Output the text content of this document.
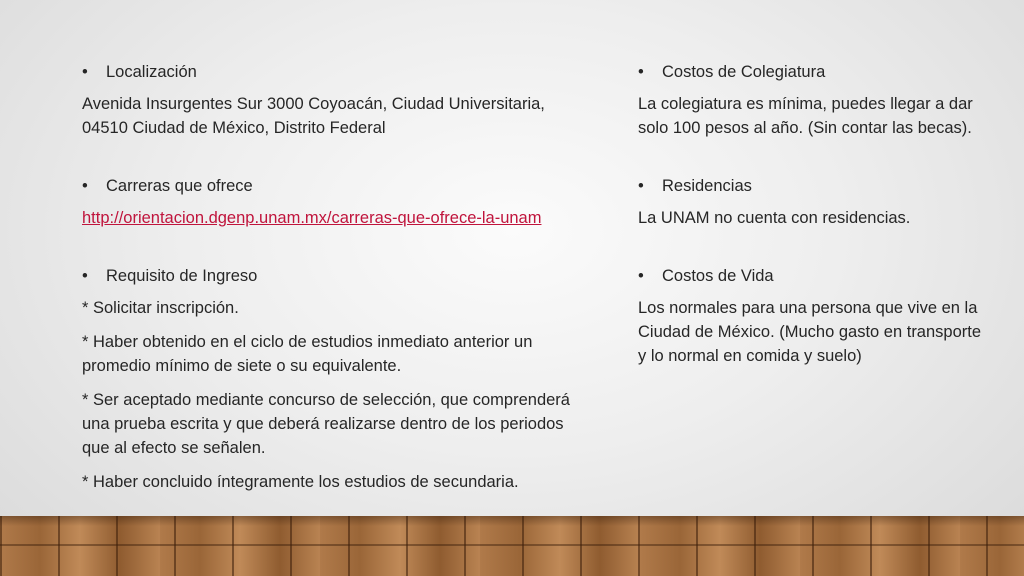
•	Localización

Avenida Insurgentes Sur 3000 Coyoacán, Ciudad Universitaria, 04510 Ciudad de México, Distrito Federal

•	Carreras que ofrece

http://orientacion.dgenp.unam.mx/carreras-que-ofrece-la-unam

•	Requisito de Ingreso

* Solicitar inscripción.

* Haber obtenido en el ciclo de estudios inmediato anterior un promedio mínimo de siete o su equivalente.

* Ser aceptado mediante concurso de selección, que comprenderá una prueba escrita y que deberá realizarse dentro de los periodos que al efecto se señalen.

* Haber concluido íntegramente los estudios de secundaria.

•	Costos de Colegiatura

La colegiatura es mínima, puedes llegar a dar solo 100 pesos al año. (Sin contar las becas).

•	Residencias

La UNAM no cuenta con residencias.

•	Costos de Vida

Los normales para una persona que vive en la Ciudad de México. (Mucho gasto en transporte y lo normal en comida y suelo)
